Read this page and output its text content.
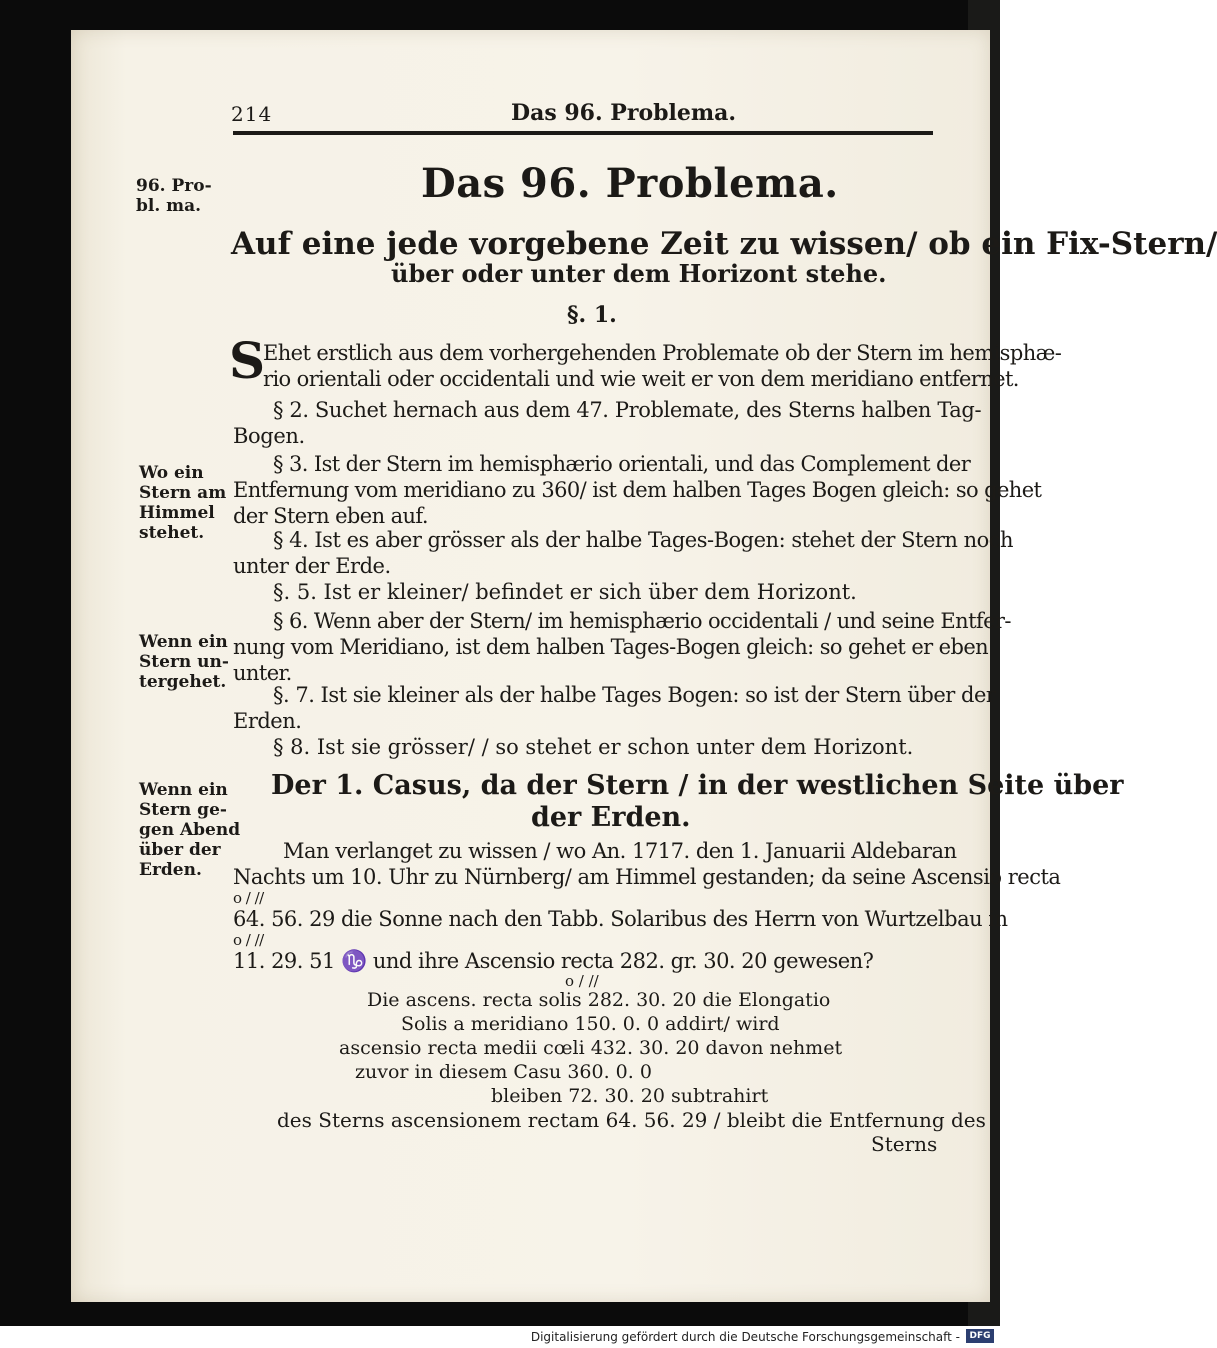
214	Das 96. Problema.
Das 96. Problema.
Auf eine jede vorgebene Zeit zu wissen/ ob ein Fix-Stern/
über oder unter dem Horizont stehe.
§. 1.
96. Pro-
bl. ma.
Wo ein
Stern am
Himmel
stehet.
Wenn ein
Stern un-
tergehet.
Wenn ein
Stern ge-
gen Abend
über der
Erden.
S
Ehet erstlich aus dem vorhergehenden Problemate ob der Stern im hemisphæ-
rio orientali oder occidentali und wie weit er von dem meridiano entfernet.
§ 2. Suchet hernach aus dem 47. Problemate, des Sterns halben Tag-
Bogen.
§ 3. Ist der Stern im hemisphærio orientali, und das Complement der
Entfernung vom meridiano zu 360/ ist dem halben Tages Bogen gleich: so gehet
der Stern eben auf.
§ 4. Ist es aber grösser als der halbe Tages-Bogen: stehet der Stern noch
unter der Erde.
§. 5. Ist er kleiner/ befindet er sich über dem Horizont.
§ 6. Wenn aber der Stern/ im hemisphærio occidentali / und seine Entfer-
nung vom Meridiano, ist dem halben Tages-Bogen gleich: so gehet er eben
unter.
§. 7. Ist sie kleiner als der halbe Tages Bogen: so ist der Stern über der
Erden.
§ 8. Ist sie grösser/ / so stehet er schon unter dem Horizont.
Der 1. Casus, da der Stern / in der westlichen Seite über
der Erden.
Man verlanget zu wissen / wo An. 1717. den 1. Januarii Aldebaran
Nachts um 10. Uhr zu Nürnberg/ am Himmel gestanden; da seine Ascensio recta
o / //
64. 56. 29 die Sonne nach den Tabb. Solaribus des Herrn von Wurtzelbau in
o / //
11. 29. 51 ♑ und ihre Ascensio recta 282. gr. 30. 20 gewesen?
o / //
Die ascens. recta solis 282. 30. 20 die Elongatio
Solis a meridiano 150. 0. 0 addirt/ wird
ascensio recta medii cœli 432. 30. 20 davon nehmet
zuvor in diesem Casu 360. 0. 0
bleiben 72. 30. 20 subtrahirt
des Sterns ascensionem rectam 64. 56. 29 / bleibt die Entfernung des
Sterns
Digitalisierung gefördert durch die Deutsche Forschungsgemeinschaft -	DFG
